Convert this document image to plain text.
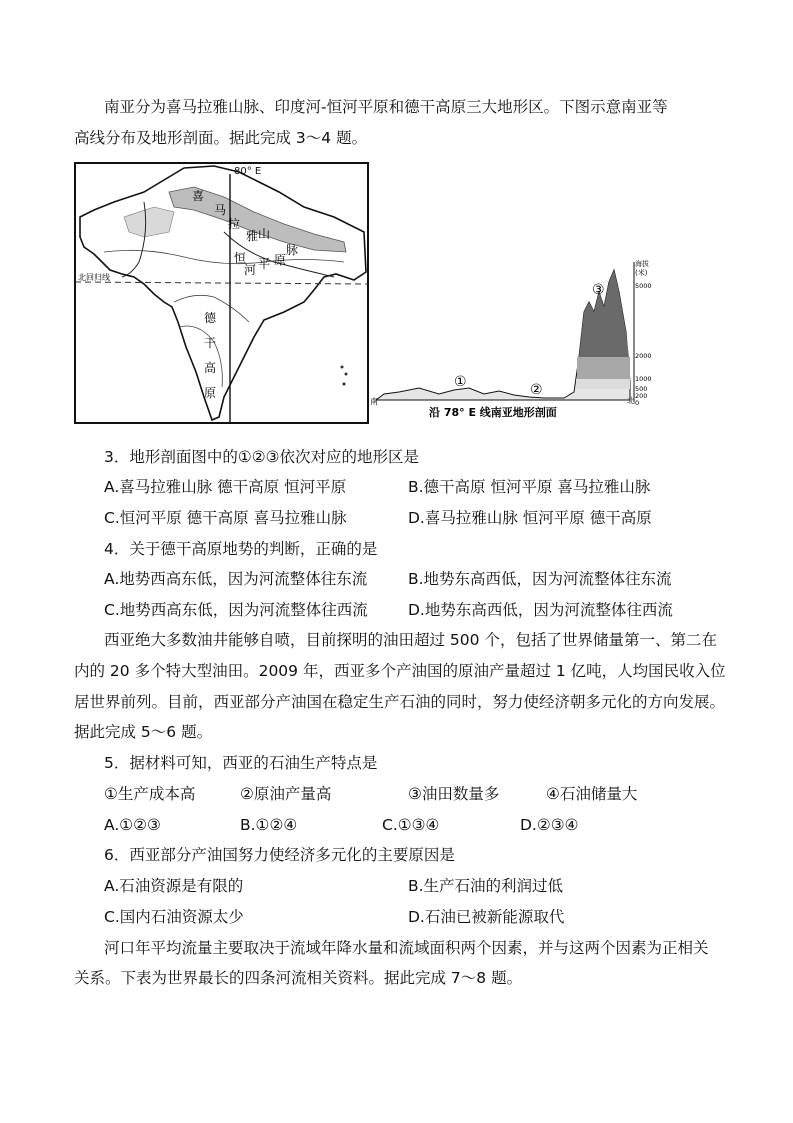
南亚分为喜马拉雅山脉、印度河-恒河平原和德干高原三大地形区。下图示意南亚等
高线分布及地形剖面。据此完成 3～4 题。
80° E
喜
马
拉
雅 山
脉
恒
河 平 原
德
干
高
原
北回归线
海拔
(米)
5000
2000
1000
500
200
0
南	北
①	②
③
沿 78° E 线南亚地形剖面
3．地形剖面图中的①②③依次对应的地形区是
A.喜马拉雅山脉 德干高原 恒河平原	B.德干高原 恒河平原 喜马拉雅山脉
C.恒河平原 德干高原 喜马拉雅山脉	D.喜马拉雅山脉 恒河平原 德干高原
4．关于德干高原地势的判断，正确的是
A.地势西高东低，因为河流整体往东流	B.地势东高西低，因为河流整体往东流
C.地势西高东低，因为河流整体往西流	D.地势东高西低，因为河流整体往西流
西亚绝大多数油井能够自喷，目前探明的油田超过 500 个，包括了世界储量第一、第二在
内的 20 多个特大型油田。2009 年，西亚多个产油国的原油产量超过 1 亿吨，人均国民收入位
居世界前列。目前，西亚部分产油国在稳定生产石油的同时，努力使经济朝多元化的方向发展。
据此完成 5～6 题。
5．据材料可知，西亚的石油生产特点是
①生产成本高	②原油产量高	③油田数量多	④石油储量大
A.①②③	B.①②④	C.①③④	D.②③④
6．西亚部分产油国努力使经济多元化的主要原因是
A.石油资源是有限的	B.生产石油的利润过低
C.国内石油资源太少	D.石油已被新能源取代
河口年平均流量主要取决于流域年降水量和流域面积两个因素，并与这两个因素为正相关
关系。下表为世界最长的四条河流相关资料。据此完成 7～8 题。
